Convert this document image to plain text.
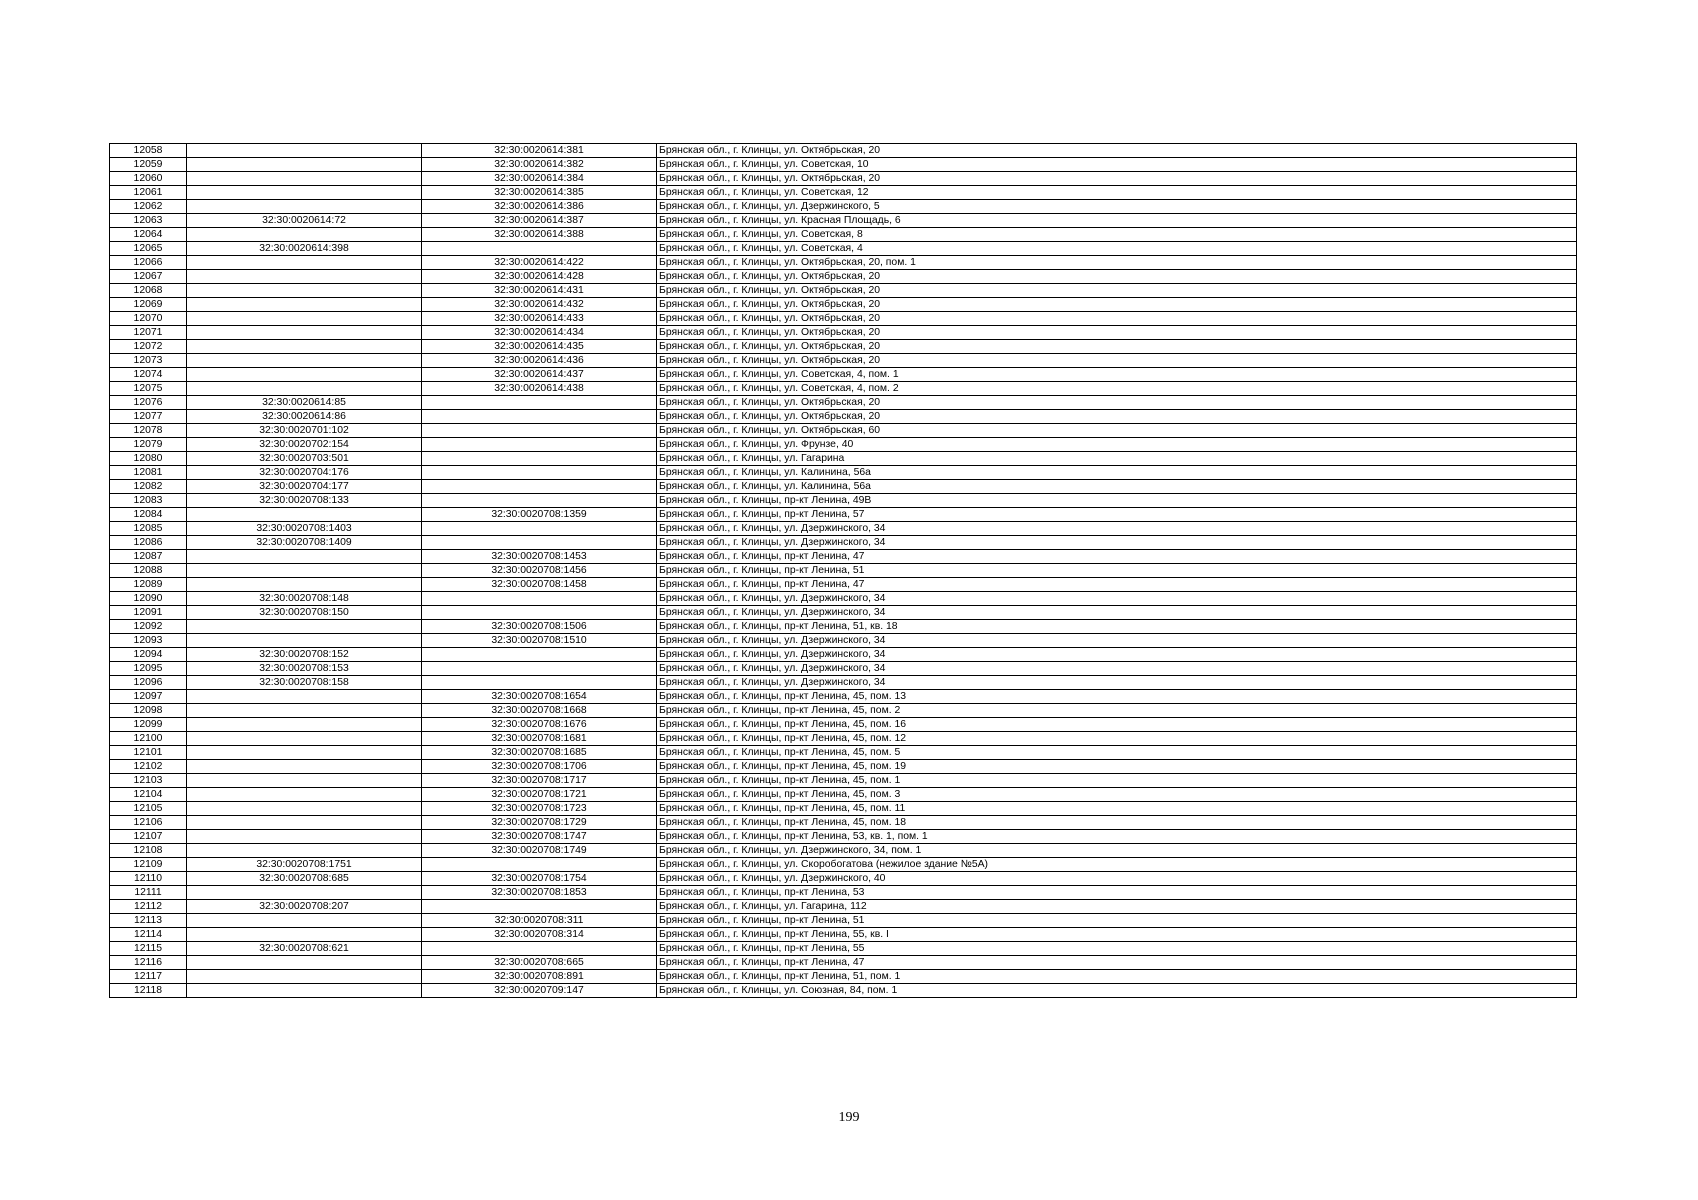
12058		32:30:0020614:381	Брянская обл., г. Клинцы, ул. Октябрьская, 20
12059		32:30:0020614:382	Брянская обл., г. Клинцы, ул. Советская, 10
12060		32:30:0020614:384	Брянская обл., г. Клинцы, ул. Октябрьская, 20
12061		32:30:0020614:385	Брянская обл., г. Клинцы, ул. Советская, 12
12062		32:30:0020614:386	Брянская обл., г. Клинцы, ул. Дзержинского, 5
12063	32:30:0020614:72	32:30:0020614:387	Брянская обл., г. Клинцы, ул. Красная Площадь, 6
12064		32:30:0020614:388	Брянская обл., г. Клинцы, ул. Советская, 8
12065	32:30:0020614:398		Брянская обл., г. Клинцы, ул. Советская, 4
12066		32:30:0020614:422	Брянская обл., г. Клинцы, ул. Октябрьская, 20, пом. 1
12067		32:30:0020614:428	Брянская обл., г. Клинцы, ул. Октябрьская, 20
12068		32:30:0020614:431	Брянская обл., г. Клинцы, ул. Октябрьская, 20
12069		32:30:0020614:432	Брянская обл., г. Клинцы, ул. Октябрьская, 20
12070		32:30:0020614:433	Брянская обл., г. Клинцы, ул. Октябрьская, 20
12071		32:30:0020614:434	Брянская обл., г. Клинцы, ул. Октябрьская, 20
12072		32:30:0020614:435	Брянская обл., г. Клинцы, ул. Октябрьская, 20
12073		32:30:0020614:436	Брянская обл., г. Клинцы, ул. Октябрьская, 20
12074		32:30:0020614:437	Брянская обл., г. Клинцы, ул. Советская, 4, пом. 1
12075		32:30:0020614:438	Брянская обл., г. Клинцы, ул. Советская, 4, пом. 2
12076	32:30:0020614:85		Брянская обл., г. Клинцы, ул. Октябрьская, 20
12077	32:30:0020614:86		Брянская обл., г. Клинцы, ул. Октябрьская, 20
12078	32:30:0020701:102		Брянская обл., г. Клинцы, ул. Октябрьская, 60
12079	32:30:0020702:154		Брянская обл., г. Клинцы, ул. Фрунзе, 40
12080	32:30:0020703:501		Брянская обл., г. Клинцы, ул. Гагарина
12081	32:30:0020704:176		Брянская обл., г. Клинцы, ул. Калинина, 56а
12082	32:30:0020704:177		Брянская обл., г. Клинцы, ул. Калинина, 56а
12083	32:30:0020708:133		Брянская обл., г. Клинцы, пр-кт Ленина, 49В
12084		32:30:0020708:1359	Брянская обл., г. Клинцы, пр-кт Ленина, 57
12085	32:30:0020708:1403		Брянская обл., г. Клинцы, ул. Дзержинского, 34
12086	32:30:0020708:1409		Брянская обл., г. Клинцы, ул. Дзержинского, 34
12087		32:30:0020708:1453	Брянская обл., г. Клинцы, пр-кт Ленина, 47
12088		32:30:0020708:1456	Брянская обл., г. Клинцы, пр-кт Ленина, 51
12089		32:30:0020708:1458	Брянская обл., г. Клинцы, пр-кт Ленина, 47
12090	32:30:0020708:148		Брянская обл., г. Клинцы, ул. Дзержинского, 34
12091	32:30:0020708:150		Брянская обл., г. Клинцы, ул. Дзержинского, 34
12092		32:30:0020708:1506	Брянская обл., г. Клинцы, пр-кт Ленина, 51, кв. 18
12093		32:30:0020708:1510	Брянская обл., г. Клинцы, ул. Дзержинского, 34
12094	32:30:0020708:152		Брянская обл., г. Клинцы, ул. Дзержинского, 34
12095	32:30:0020708:153		Брянская обл., г. Клинцы, ул. Дзержинского, 34
12096	32:30:0020708:158		Брянская обл., г. Клинцы, ул. Дзержинского, 34
12097		32:30:0020708:1654	Брянская обл., г. Клинцы, пр-кт Ленина, 45, пом. 13
12098		32:30:0020708:1668	Брянская обл., г. Клинцы, пр-кт Ленина, 45, пом. 2
12099		32:30:0020708:1676	Брянская обл., г. Клинцы, пр-кт Ленина, 45, пом. 16
12100		32:30:0020708:1681	Брянская обл., г. Клинцы, пр-кт Ленина, 45, пом. 12
12101		32:30:0020708:1685	Брянская обл., г. Клинцы, пр-кт Ленина, 45, пом. 5
12102		32:30:0020708:1706	Брянская обл., г. Клинцы, пр-кт Ленина, 45, пом. 19
12103		32:30:0020708:1717	Брянская обл., г. Клинцы, пр-кт Ленина, 45, пом. 1
12104		32:30:0020708:1721	Брянская обл., г. Клинцы, пр-кт Ленина, 45, пом. 3
12105		32:30:0020708:1723	Брянская обл., г. Клинцы, пр-кт Ленина, 45, пом. 11
12106		32:30:0020708:1729	Брянская обл., г. Клинцы, пр-кт Ленина, 45, пом. 18
12107		32:30:0020708:1747	Брянская обл., г. Клинцы, пр-кт Ленина, 53, кв. 1, пом. 1
12108		32:30:0020708:1749	Брянская обл., г. Клинцы, ул. Дзержинского, 34, пом. 1
12109	32:30:0020708:1751		Брянская обл., г. Клинцы, ул. Скоробогатова (нежилое здание №5А)
12110	32:30:0020708:685	32:30:0020708:1754	Брянская обл., г. Клинцы, ул. Дзержинского, 40
12111		32:30:0020708:1853	Брянская обл., г. Клинцы, пр-кт Ленина, 53
12112	32:30:0020708:207		Брянская обл., г. Клинцы, ул. Гагарина, 112
12113		32:30:0020708:311	Брянская обл., г. Клинцы, пр-кт Ленина, 51
12114		32:30:0020708:314	Брянская обл., г. Клинцы, пр-кт Ленина, 55, кв. I
12115	32:30:0020708:621		Брянская обл., г. Клинцы, пр-кт Ленина, 55
12116		32:30:0020708:665	Брянская обл., г. Клинцы, пр-кт Ленина, 47
12117		32:30:0020708:891	Брянская обл., г. Клинцы, пр-кт Ленина, 51, пом. 1
12118		32:30:0020709:147	Брянская обл., г. Клинцы, ул. Союзная, 84, пом. 1
199
